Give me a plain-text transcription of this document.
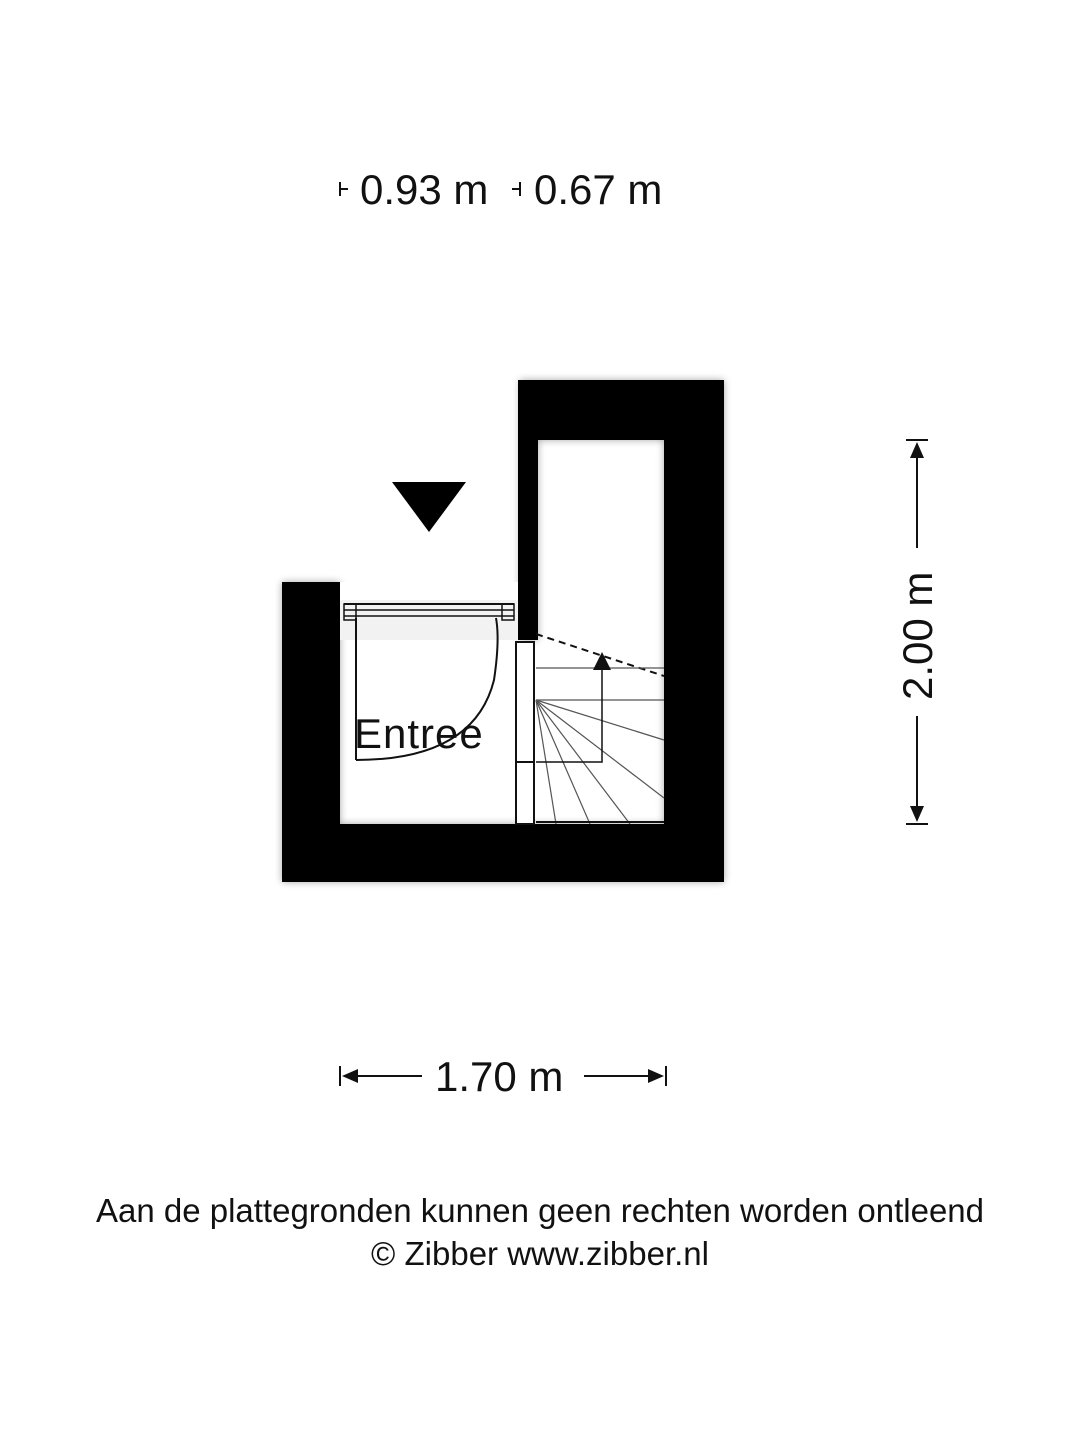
0.93 m 0.67 m
Entree
2.00 m
1.70 m

Aan de plattegronden kunnen geen rechten worden ontleend

© Zibber www.zibber.nl
